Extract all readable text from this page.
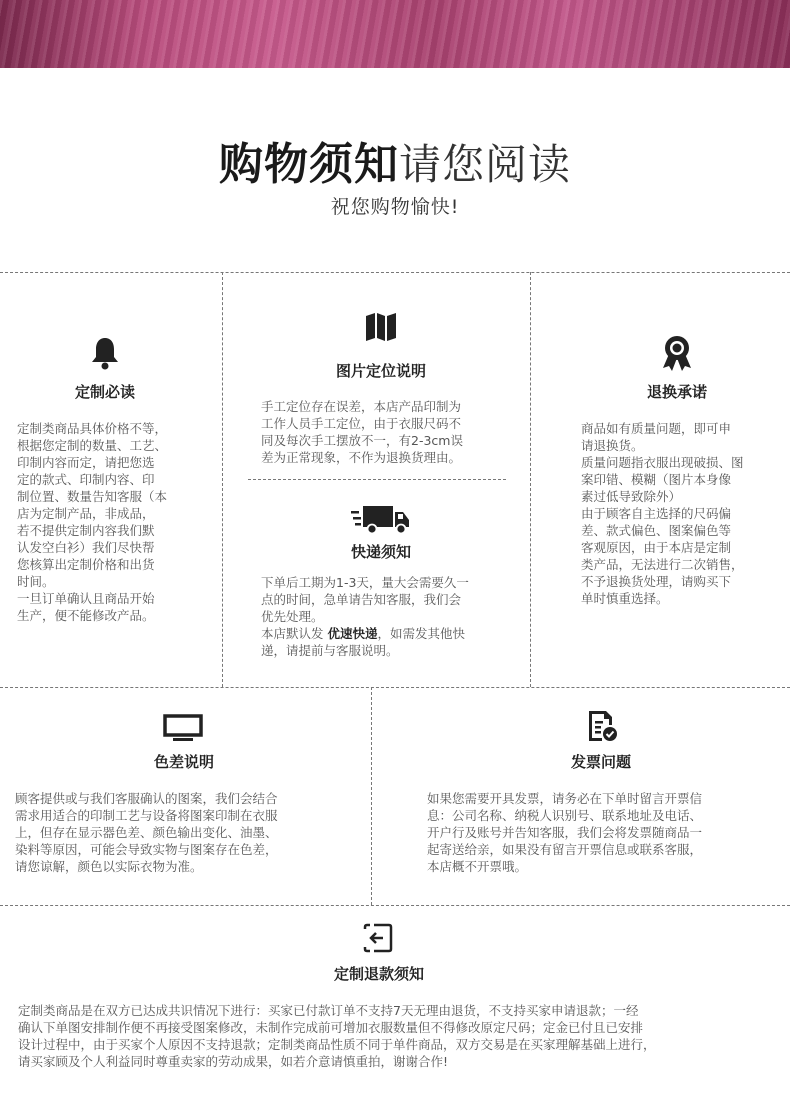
购物须知请您阅读
祝您购物愉快!
定制必读
定制类商品具体价格不等，
根据您定制的数量、工艺、
印制内容而定，请把您选
定的款式、印制内容、印
制位置、数量告知客服（本
店为定制产品，非成品，
若不提供定制内容我们默
认发空白衫）我们尽快帮
您核算出定制价格和出货
时间。
一旦订单确认且商品开始
生产，便不能修改产品。
图片定位说明
手工定位存在误差，本店产品印制为
工作人员手工定位，由于衣服尺码不
同及每次手工摆放不一，有2-3cm误
差为正常现象，不作为退换货理由。
快递须知
下单后工期为1-3天，量大会需要久一
点的时间，急单请告知客服，我们会
优先处理。
本店默认发 优速快递，如需发其他快
递，请提前与客服说明。
退换承诺
商品如有质量问题，即可申
请退换货。
质量问题指衣服出现破损、图
案印错、模糊（图片本身像
素过低导致除外）
由于顾客自主选择的尺码偏
差、款式偏色、图案偏色等
客观原因，由于本店是定制
类产品，无法进行二次销售，
不予退换货处理，请购买下
单时慎重选择。
色差说明
顾客提供或与我们客服确认的图案，我们会结合
需求用适合的印制工艺与设备将图案印制在衣服
上，但存在显示器色差、颜色输出变化、油墨、
染料等原因，可能会导致实物与图案存在色差，
请您谅解，颜色以实际衣物为准。
发票问题
如果您需要开具发票，请务必在下单时留言开票信
息：公司名称、纳税人识别号、联系地址及电话、
开户行及账号并告知客服，我们会将发票随商品一
起寄送给亲，如果没有留言开票信息或联系客服，
本店概不开票哦。
定制退款须知
定制类商品是在双方已达成共识情况下进行：买家已付款订单不支持7天无理由退货，不支持买家申请退款；一经
确认下单图安排制作便不再接受图案修改，未制作完成前可增加衣服数量但不得修改原定尺码；定金已付且已安排
设计过程中，由于买家个人原因不支持退款；定制类商品性质不同于单件商品，双方交易是在买家理解基础上进行，
请买家顾及个人利益同时尊重卖家的劳动成果，如若介意请慎重拍，谢谢合作!
